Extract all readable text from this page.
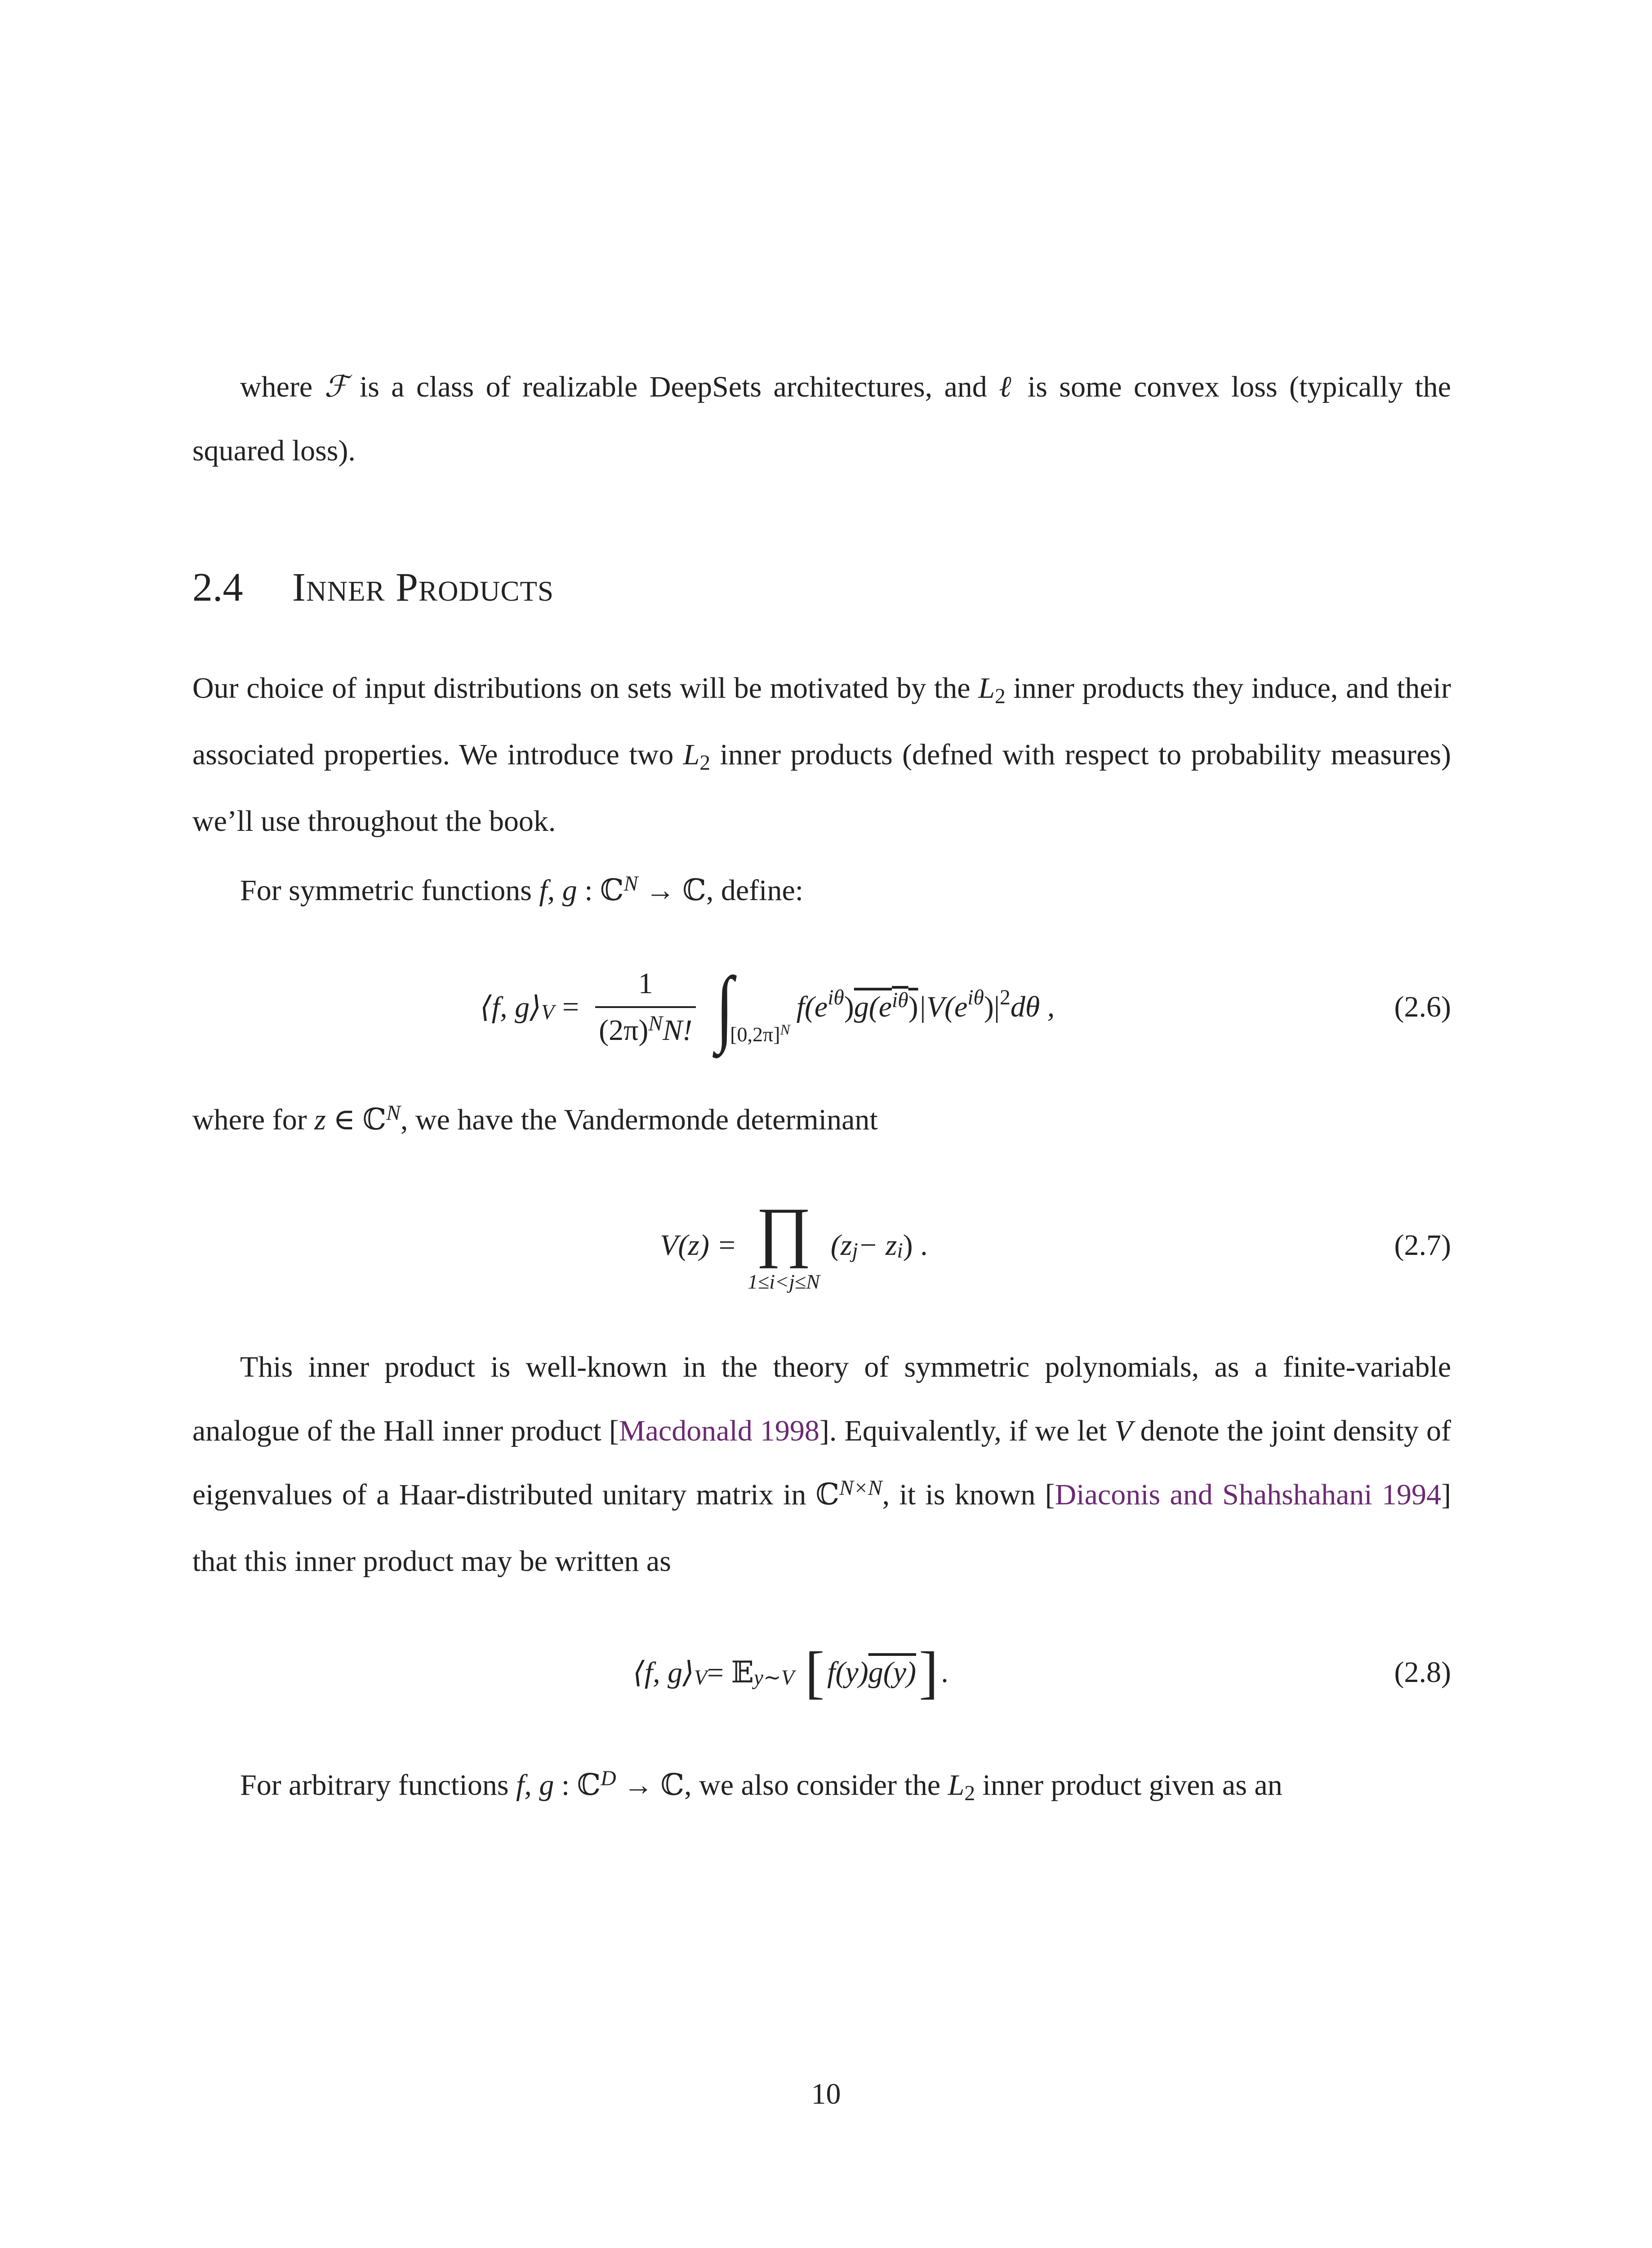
where ℱ is a class of realizable DeepSets architectures, and ℓ is some convex loss (typically the squared loss).

2.4 Inner Products

Our choice of input distributions on sets will be motivated by the L2 inner products they induce, and their associated properties. We introduce two L2 inner products (defned with respect to probability measures) we’ll use throughout the book.

For symmetric functions f, g : ℂ$^N$ → ℂ, define:

⟨f, g⟩ $V = \frac{1}{(2\pi)^NN!}$ ∫
$[0,2\pi]^N$
f(e iθ ) $g(e^{i\theta})$ |V(e iθ )| 2 dθ ,	(2.6)

where for z ∈ ℂ$^N$, we have the Vandermonde determinant

V(z) = ∏
1≤i<j≤N
(z j − z i ) .	(2.7)

This inner product is well-known in the theory of symmetric polynomials, as a finite-variable analogue of the Hall inner product [Macdonald 1998]. Equivalently, if we let V denote the joint density of eigenvalues of a Haar-distributed unitary matrix in ℂ$^{N\times N}$, it is known [Diaconis and Shahshahani 1994] that this inner product may be written as

⟨f, g⟩ V = 𝔼 y∼V [ f(y) g(y) ] .	(2.8)

For arbitrary functions f, g : ℂ$^D$ → ℂ, we also consider the L2 inner product given as an

10
